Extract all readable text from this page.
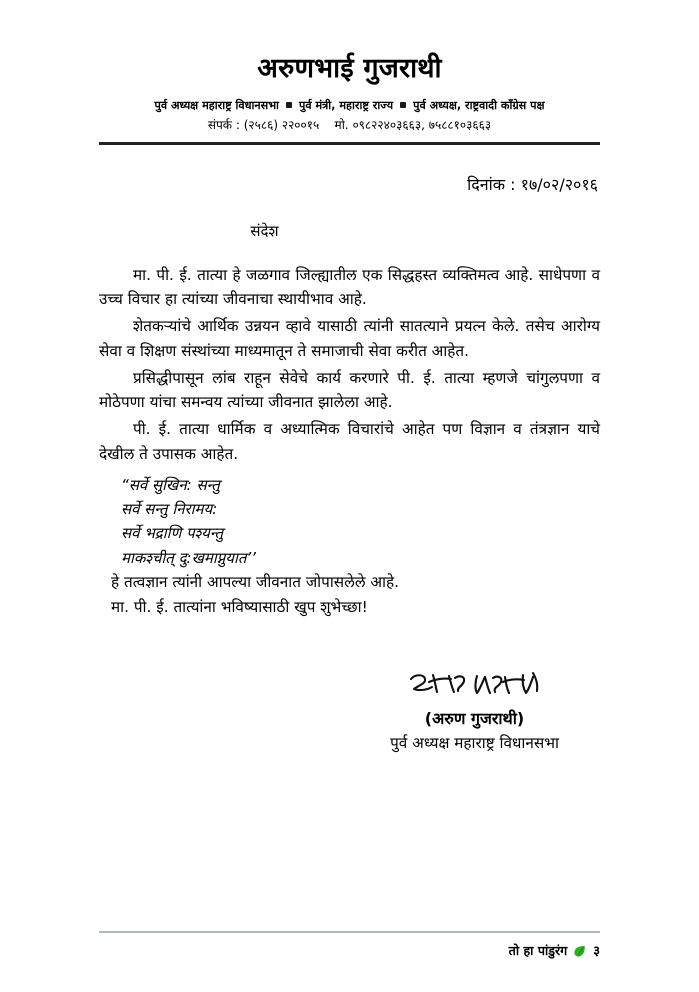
अरुणभाई गुजराथी
पुर्व अध्यक्ष महाराष्ट्र विधानसभा पुर्व मंत्री, महाराष्ट्र राज्य पुर्व अध्यक्ष, राष्ट्रवादी काँग्रेस पक्ष
संपर्क : (२५८६) २२००१५    मो. ०९८२२४०३६६३, ७५८८१०३६६३
दिनांक : १७/०२/२०१६
संदेश

मा. पी. ई. तात्या हे जळगाव जिल्ह्यातील एक सिद्धहस्त व्यक्तिमत्व आहे. साधेपणा व उच्च विचार हा त्यांच्या जीवनाचा स्थायीभाव आहे.

शेतकऱ्यांचे आर्थिक उन्नयन व्हावे यासाठी त्यांनी सातत्याने प्रयत्न केले. तसेच आरोग्य सेवा व शिक्षण संस्थांच्या माध्यमातून ते समाजाची सेवा करीत आहेत.

प्रसिद्धीपासून लांब राहून सेवेचे कार्य करणारे पी. ई. तात्या म्हणजे चांगुलपणा व मोठेपणा यांचा समन्वय त्यांच्या जीवनात झालेला आहे.

पी. ई. तात्या धार्मिक व अध्यात्मिक विचारांचे आहेत पण विज्ञान व तंत्रज्ञान याचे देखील ते उपासक आहेत.

“सर्वे सुखिन: सन्तु
सर्वे सन्तु निरामय:
सर्वे भद्राणि पश्यन्तु
माकश्चीत् दु:खमाप्नुयात’’

हे तत्वज्ञान त्यांनी आपल्या जीवनात जोपासलेले आहे.

मा. पी. ई. तात्यांना भविष्यासाठी खुप शुभेच्छा!

(अरुण गुजराथी)
पुर्व अध्यक्ष महाराष्ट्र विधानसभा
तो हा पांडुरंग ३
